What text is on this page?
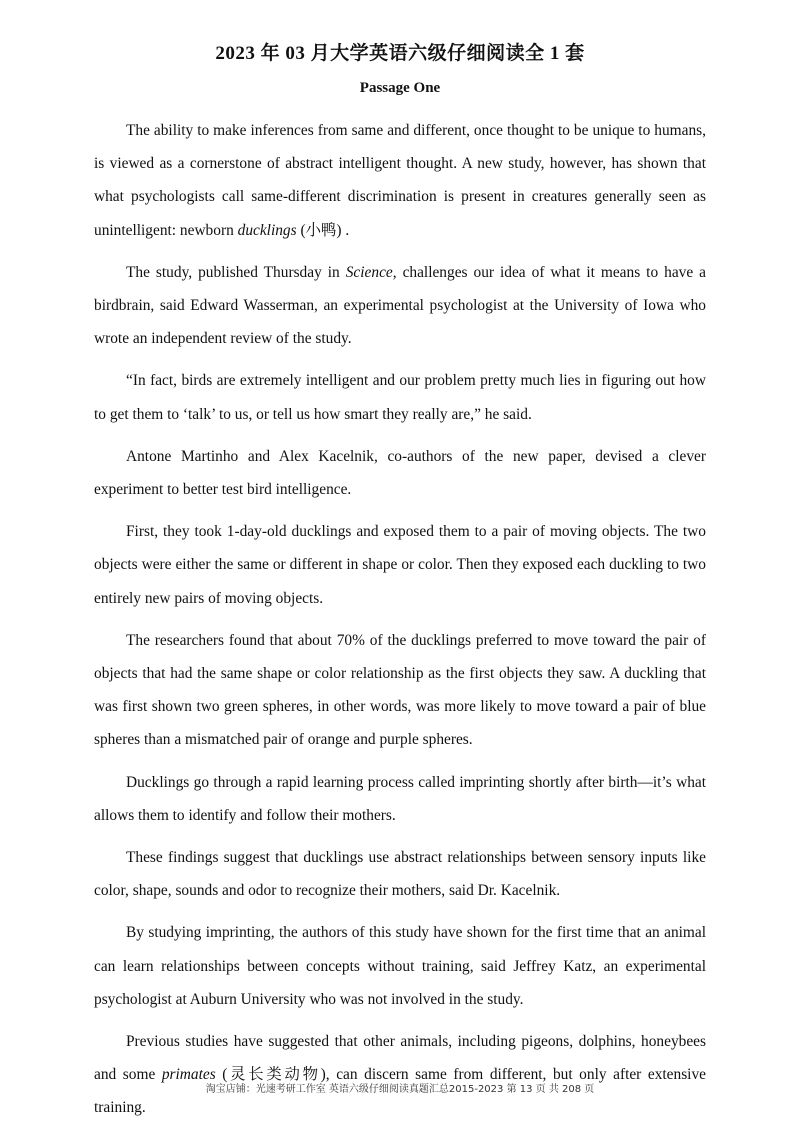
2023 年 03 月大学英语六级仔细阅读全 1 套
Passage One

The ability to make inferences from same and different, once thought to be unique to humans, is viewed as a cornerstone of abstract intelligent thought. A new study, however, has shown that what psychologists call same-different discrimination is present in creatures generally seen as unintelligent: newborn ducklings (小鸭) .

The study, published Thursday in Science, challenges our idea of what it means to have a birdbrain, said Edward Wasserman, an experimental psychologist at the University of Iowa who wrote an independent review of the study.

“In fact, birds are extremely intelligent and our problem pretty much lies in figuring out how to get them to ‘talk’ to us, or tell us how smart they really are,” he said.

Antone Martinho and Alex Kacelnik, co-authors of the new paper, devised a clever experiment to better test bird intelligence.

First, they took 1-day-old ducklings and exposed them to a pair of moving objects. The two objects were either the same or different in shape or color. Then they exposed each duckling to two entirely new pairs of moving objects.

The researchers found that about 70% of the ducklings preferred to move toward the pair of objects that had the same shape or color relationship as the first objects they saw. A duckling that was first shown two green spheres, in other words, was more likely to move toward a pair of blue spheres than a mismatched pair of orange and purple spheres.

Ducklings go through a rapid learning process called imprinting shortly after birth—it’s what allows them to identify and follow their mothers.

These findings suggest that ducklings use abstract relationships between sensory inputs like color, shape, sounds and odor to recognize their mothers, said Dr. Kacelnik.

By studying imprinting, the authors of this study have shown for the first time that an animal can learn relationships between concepts without training, said Jeffrey Katz, an experimental psychologist at Auburn University who was not involved in the study.

Previous studies have suggested that other animals, including pigeons, dolphins, honeybees and some primates (灵长类动物), can discern same from different, but only after extensive training.

淘宝店铺：光速考研工作室 英语六级仔细阅读真题汇总2015-2023 第 13 页 共 208 页
